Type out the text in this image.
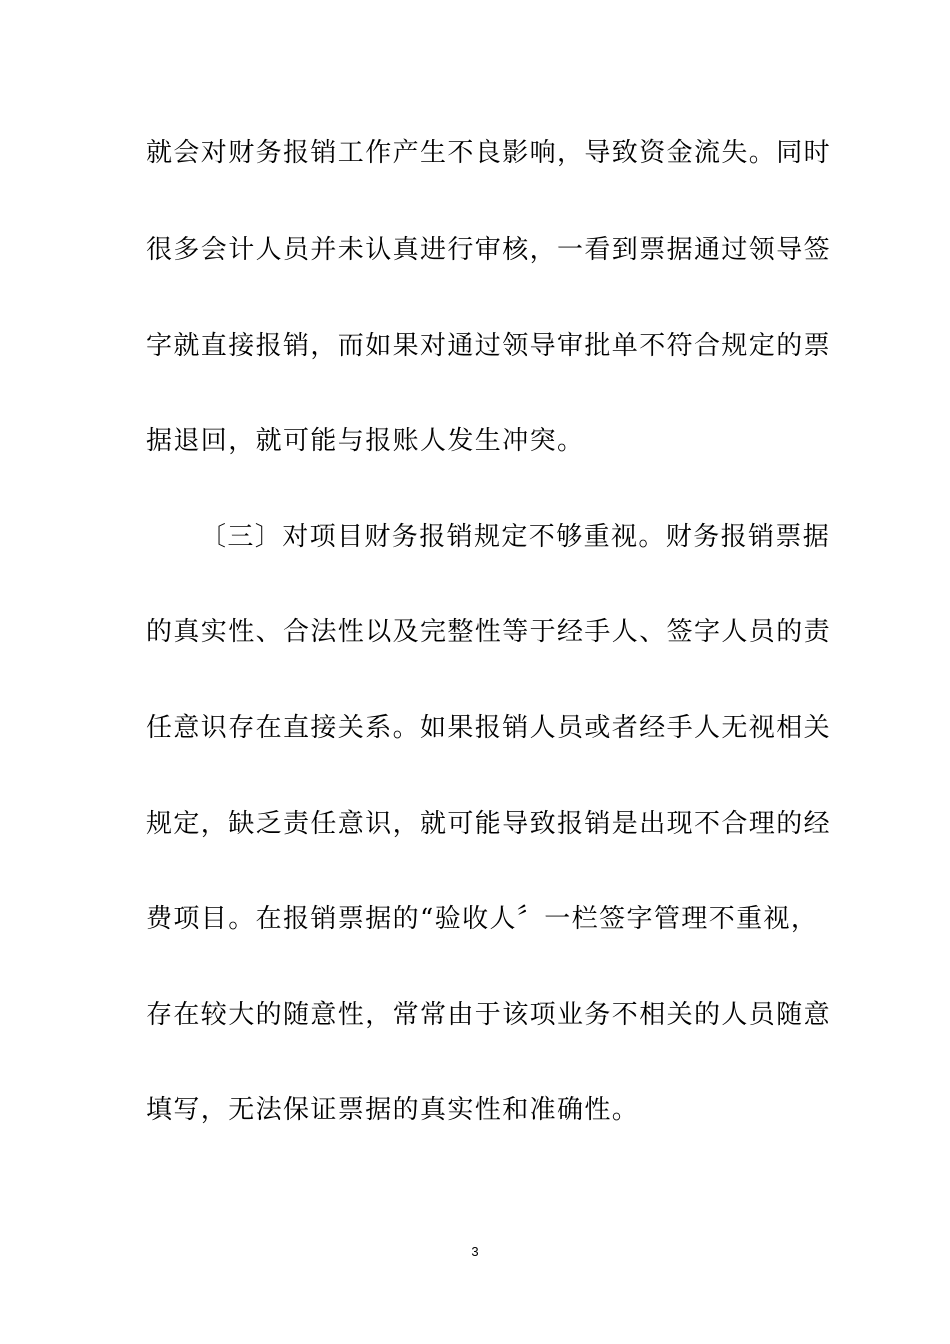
就会对财务报销工作产生不良影响，导致资金流失。同时
很多会计人员并未认真进行审核，一看到票据通过领导签
字就直接报销，而如果对通过领导审批单不符合规定的票
据退回，就可能与报账人发生冲突。
〔三〕对项目财务报销规定不够重视。财务报销票据
的真实性、合法性以及完整性等于经手人、签字人员的责
任意识存在直接关系。如果报销人员或者经手人无视相关
规定，缺乏责任意识，就可能导致报销是出现不合理的经
费项目。在报销票据的“验收人〞一栏签字管理不重视，
存在较大的随意性，常常由于该项业务不相关的人员随意
填写，无法保证票据的真实性和准确性。
3
